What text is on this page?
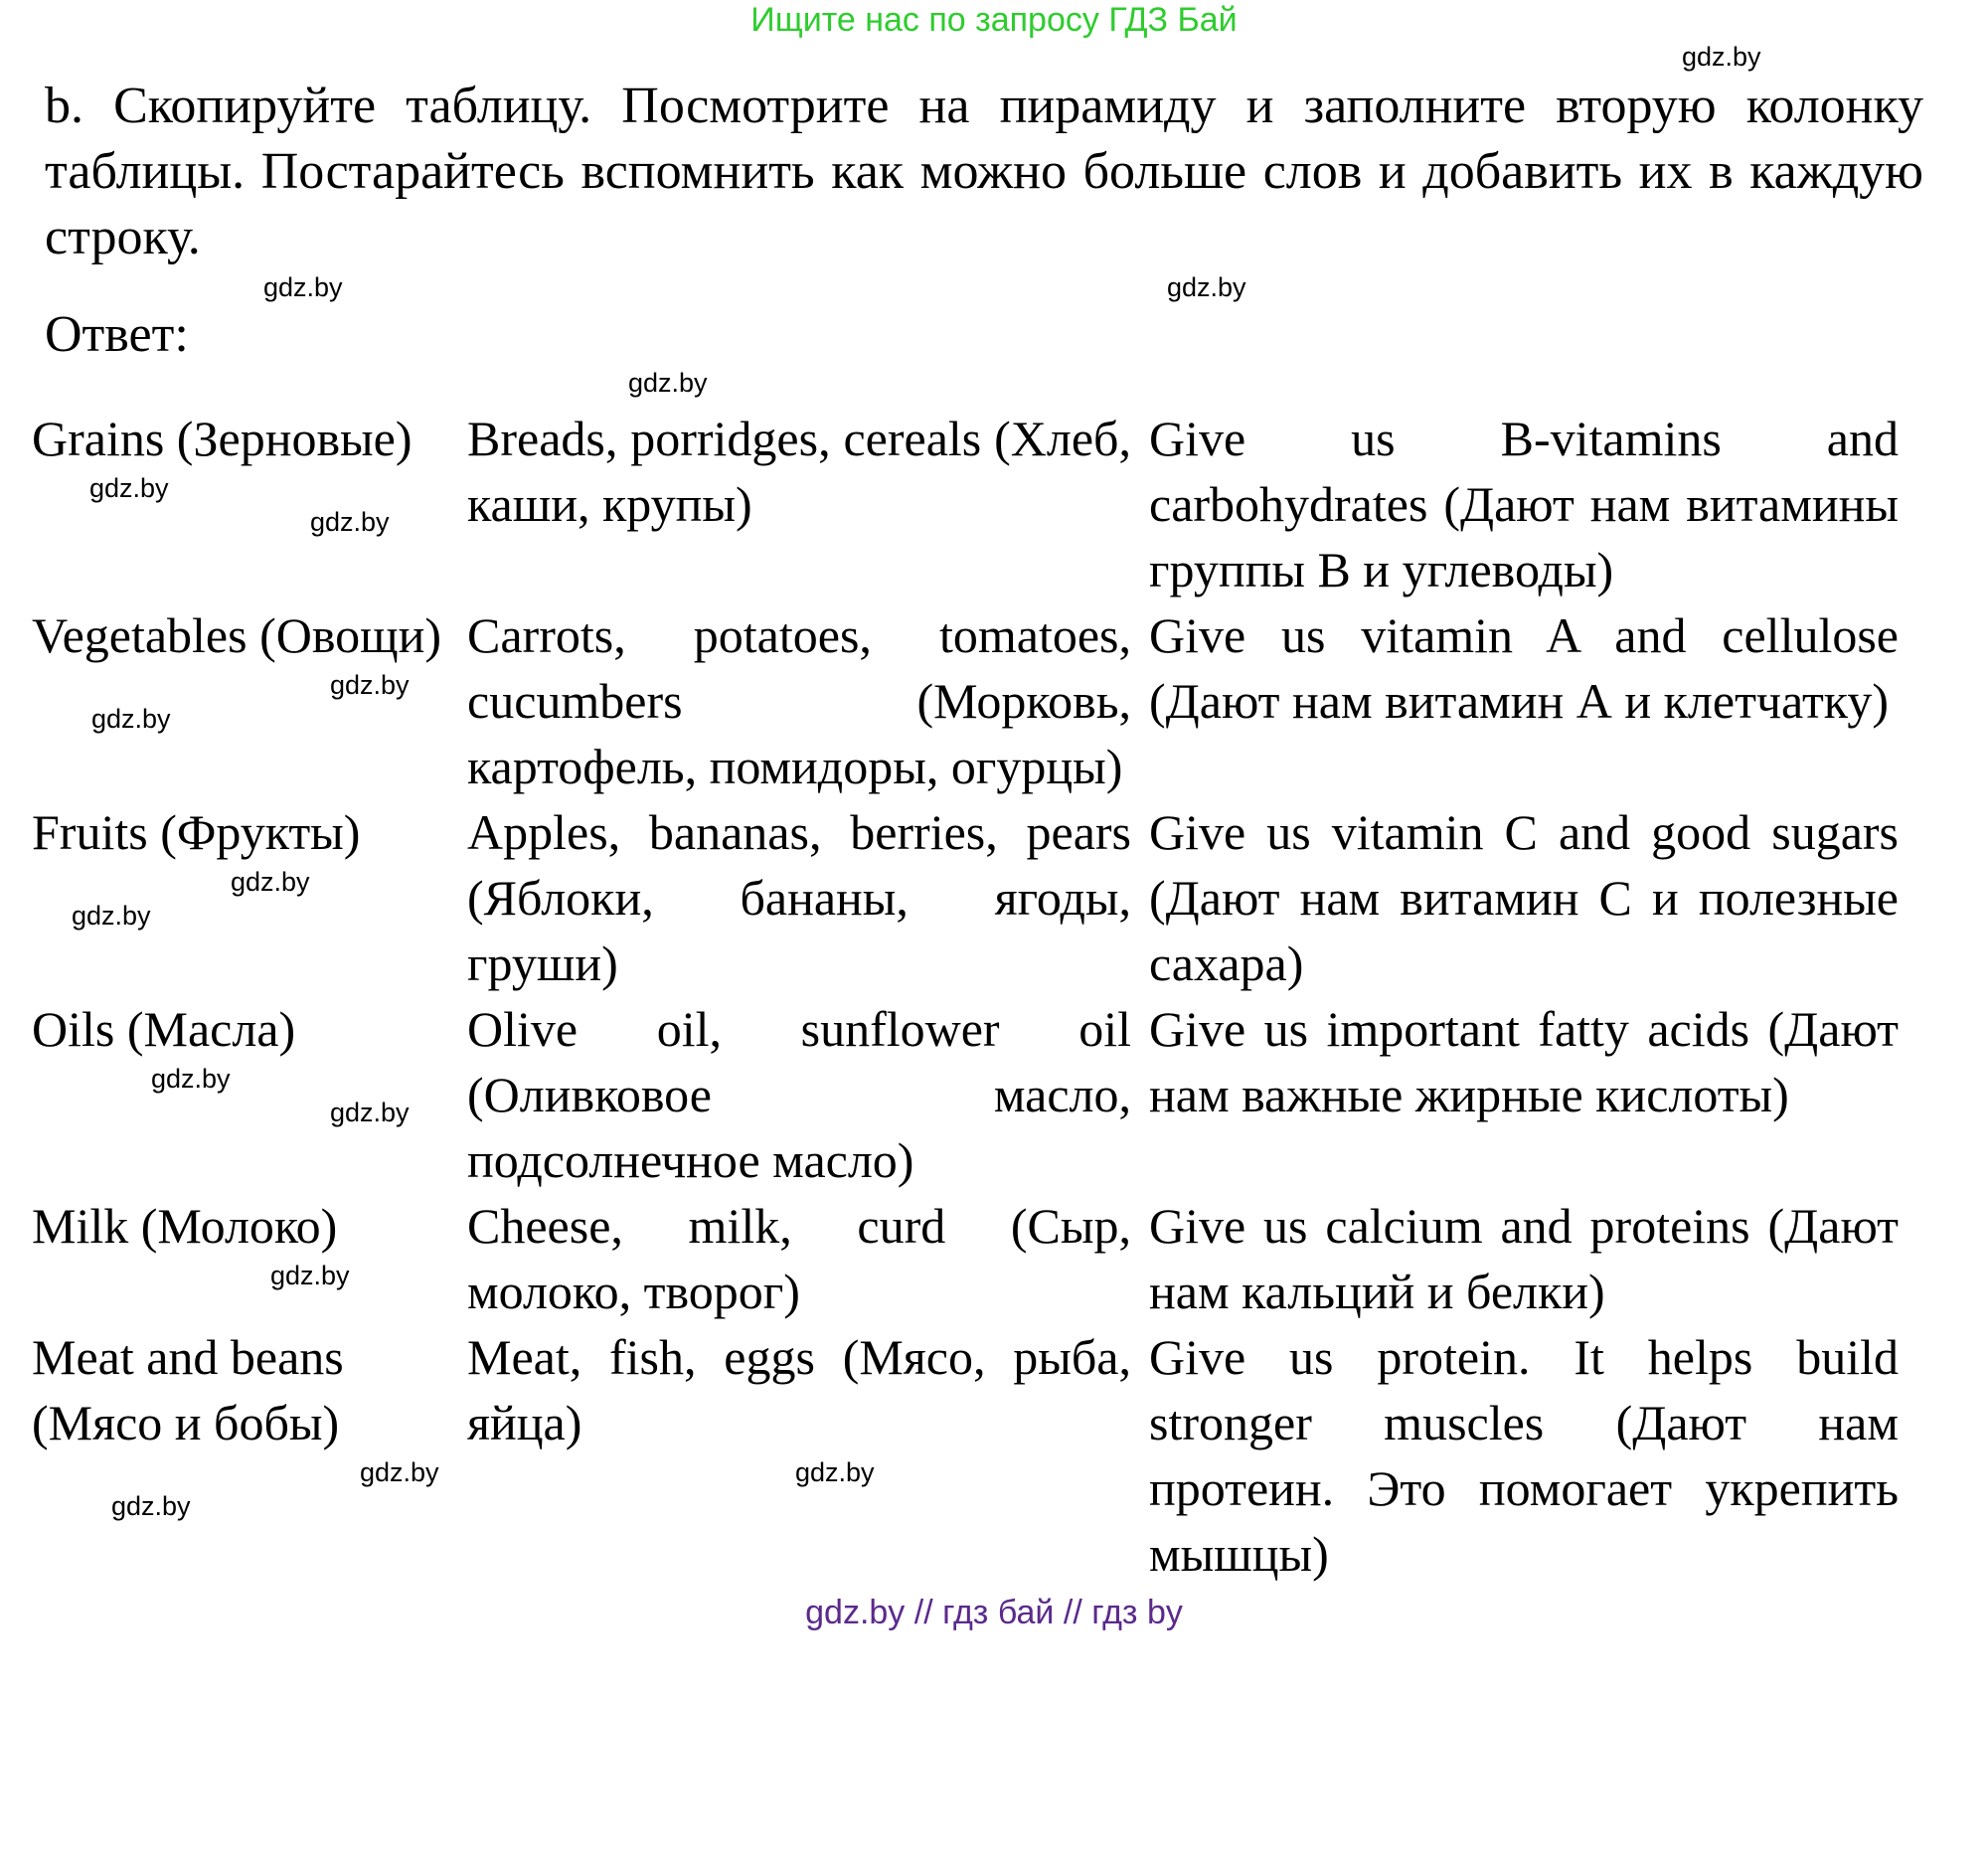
Ищите нас по запросу ГДЗ Бай
gdz.by
b. Скопируйте таблицу. Посмотрите на пирамиду и заполните вторую колонку таблицы. Постарайтесь вспомнить как можно больше слов и добавить их в каждую строку.
gdz.by	gdz.by
Ответ:
gdz.by
Grains (Зерновые)
gdz.by
gdz.by
Breads, porridges, cereals (Хлеб, каши, крупы)
Give us B-vitamins and carbohydrates (Дают нам витамины группы В и углеводы)
Vegetables (Овощи)
gdz.by
gdz.by
Carrots, potatoes, tomatoes, cucumbers (Морковь, картофель, помидоры, огурцы)
Give us vitamin A and cellulose (Дают нам витамин А и клетчатку)
Fruits (Фрукты)
gdz.by
gdz.by
Apples, bananas, berries, pears (Яблоки, бананы, ягоды, груши)
Give us vitamin C and good sugars (Дают нам витамин С и полезные сахара)
Oils (Масла)
gdz.by
gdz.by
Olive oil, sunflower oil (Оливковое масло, подсолнечное масло)
Give us important fatty acids (Дают нам важные жирные кислоты)
Milk (Молоко)
gdz.by
Cheese, milk, curd (Сыр, молоко, творог)
Give us calcium and proteins (Дают нам кальций и белки)
Meat and beans (Мясо и бобы)
gdz.by
gdz.by
Meat, fish, eggs (Мясо, рыба, яйца)
gdz.by
Give us protein. It helps build stronger muscles (Дают нам протеин. Это помогает укрепить мышцы)
gdz.by // гдз бай // гдз by
